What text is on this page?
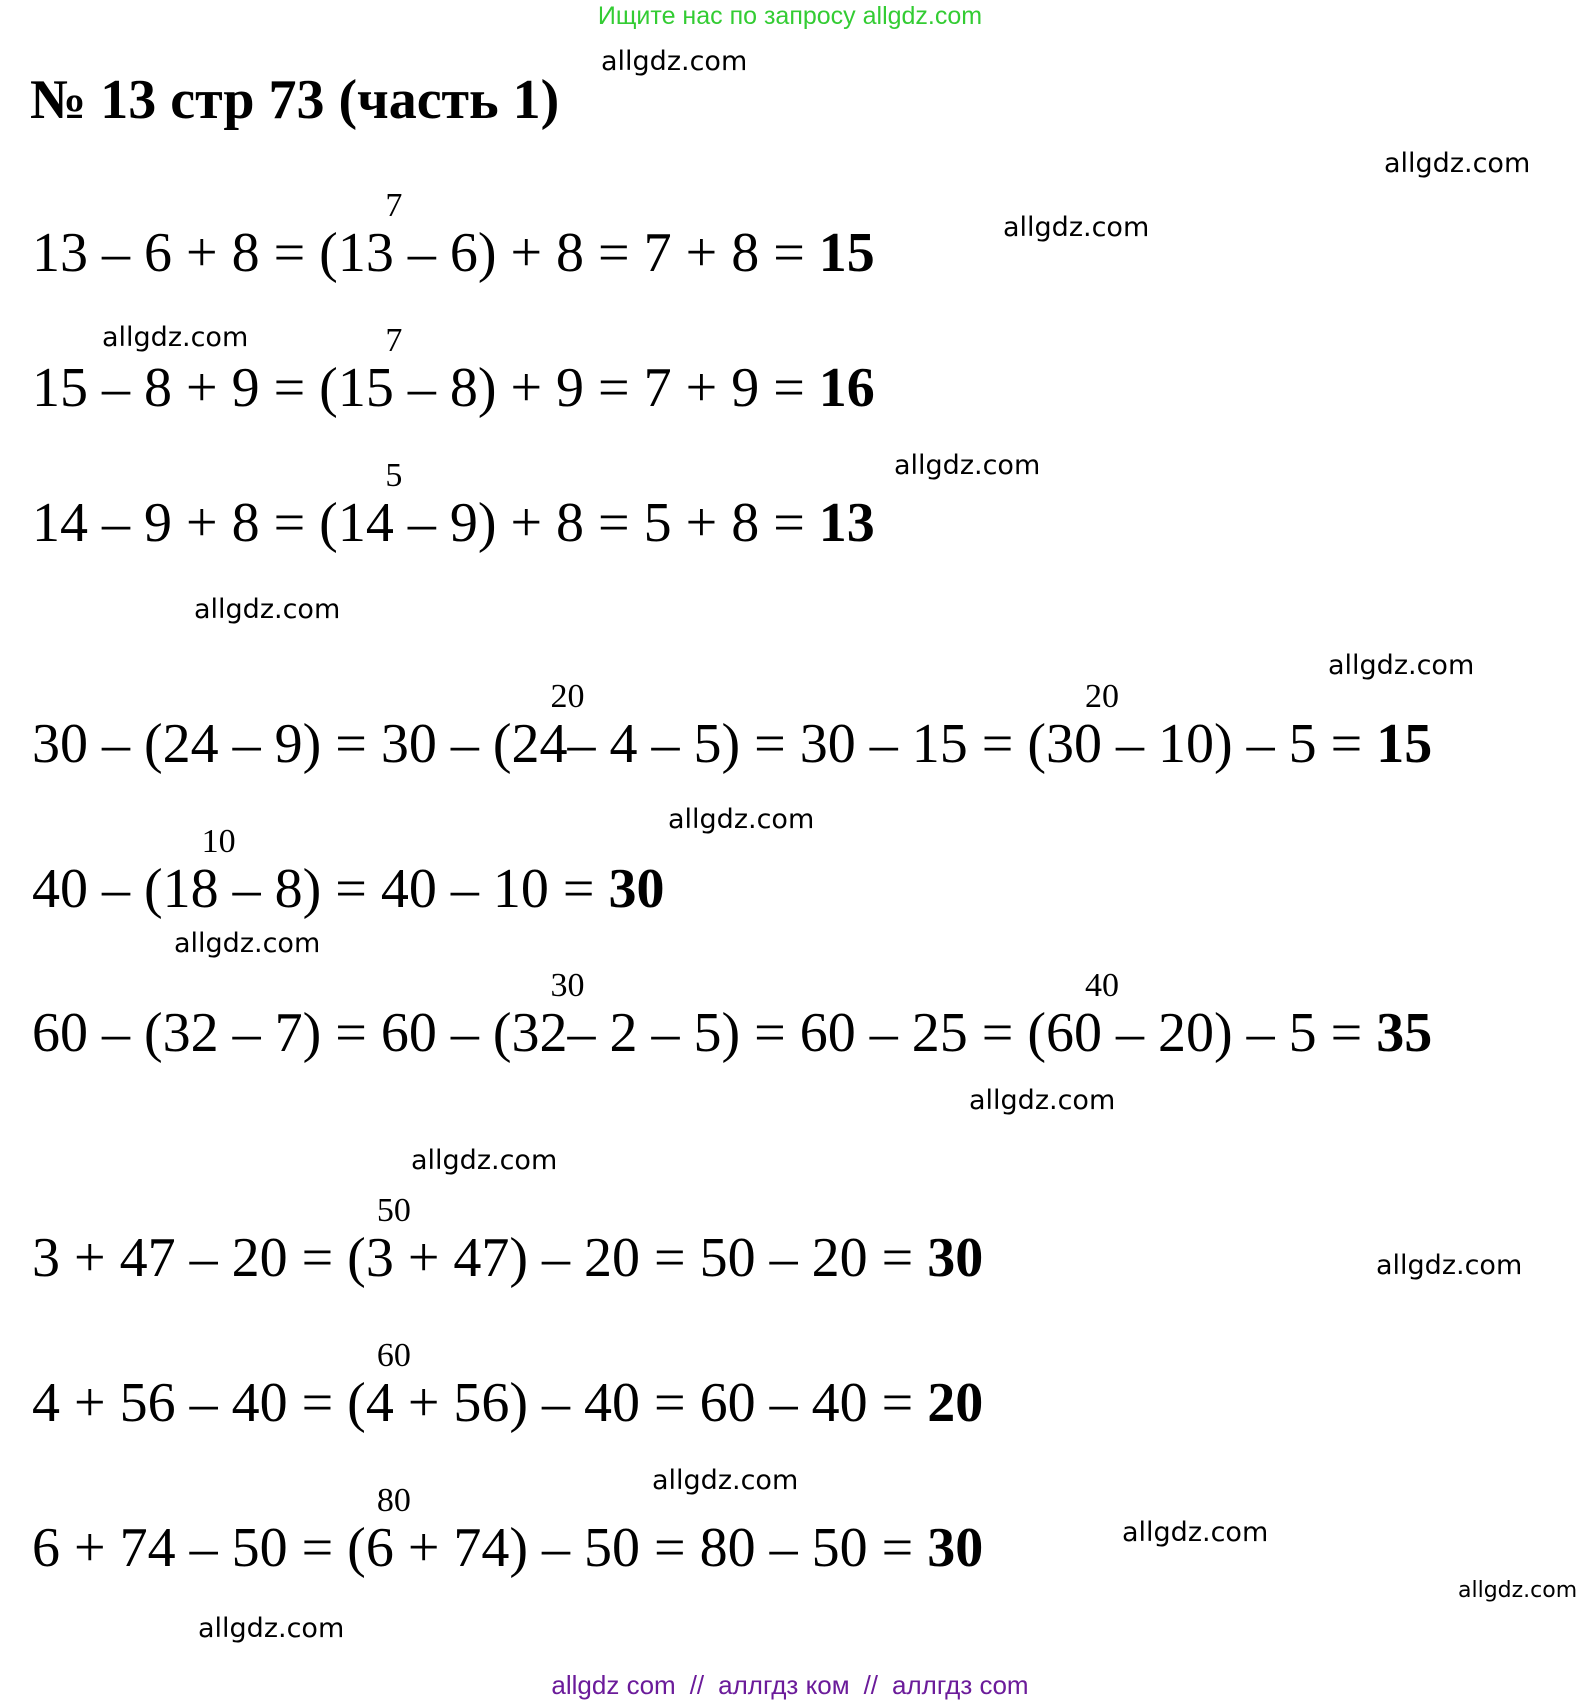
Ищите нас по запросу allgdz.com
№ 13 стр 73 (часть 1)
allgdz.com
allgdz.com
allgdz.com
allgdz.com
allgdz.com
allgdz.com
allgdz.com
allgdz.com
allgdz.com
allgdz.com
allgdz.com
allgdz.com
allgdz.com
allgdz.com
allgdz.com
allgdz.com
13 – 6 + 8 = (13
7
– 6) + 8 = 7 + 8 = 15
15 – 8 + 9 = (15
7
– 8) + 9 = 7 + 9 = 16
14 – 9 + 8 = (14
5
– 9) + 8 = 5 + 8 = 13
30 – (24 – 9) = 30 – (24
20
– 4 – 5) = 30 – 15 = (30
20
– 10) – 5 = 15
40 – (18
10
– 8) = 40 – 10 = 30
60 – (32 – 7) = 60 – (32
30
– 2 – 5) = 60 – 25 = (60
40
– 20) – 5 = 35
3 + 47 – 20 = (3
50
+ 47) – 20 = 50 – 20 = 30
4 + 56 – 40 = (4
60
+ 56) – 40 = 60 – 40 = 20
6 + 74 – 50 = (6
80
+ 74) – 50 = 80 – 50 = 30
allgdz com // аллгдз ком // аллгдз com
